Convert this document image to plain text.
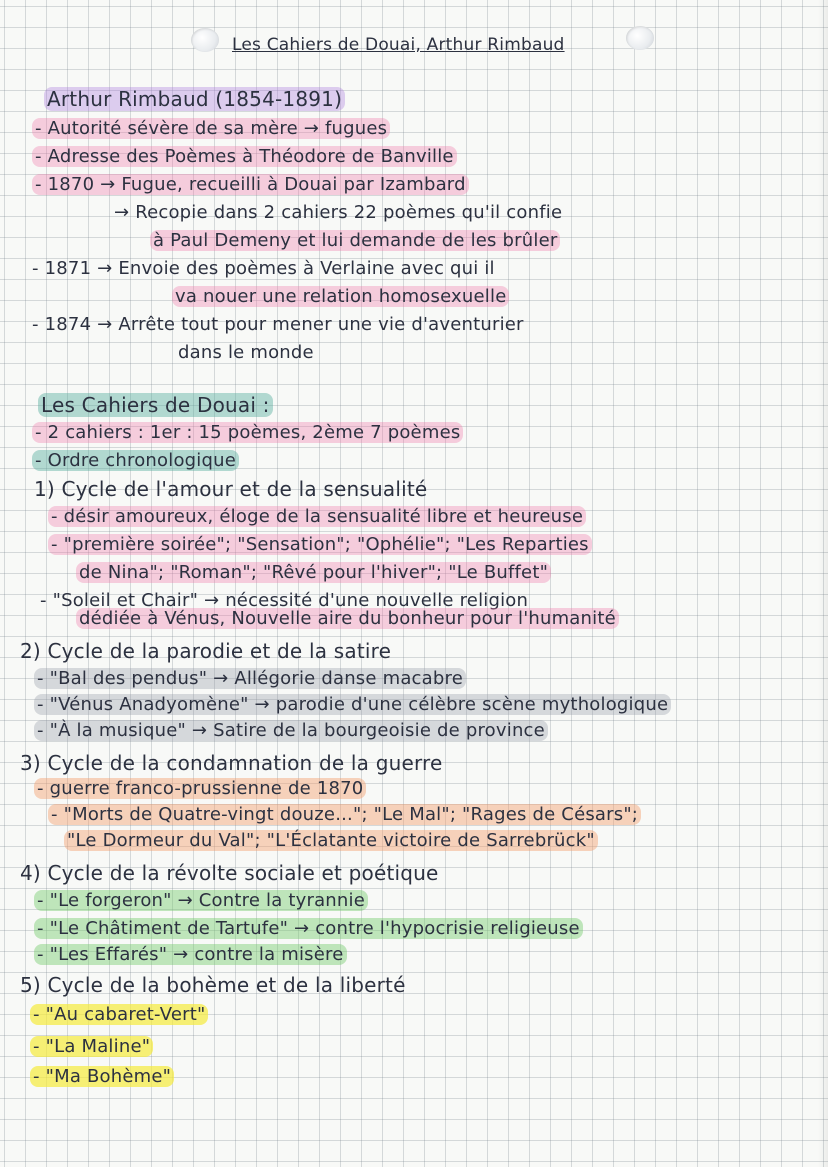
Les Cahiers de Douai, Arthur Rimbaud
Arthur Rimbaud (1854-1891)
- Autorité sévère de sa mère → fugues
- Adresse des Poèmes à Théodore de Banville
- 1870 → Fugue, recueilli à Douai par Izambard
→ Recopie dans 2 cahiers 22 poèmes qu'il confie
à Paul Demeny et lui demande de les brûler
- 1871 → Envoie des poèmes à Verlaine avec qui il
va nouer une relation homosexuelle
- 1874 → Arrête tout pour mener une vie d'aventurier
dans le monde
Les Cahiers de Douai :
- 2 cahiers : 1er : 15 poèmes, 2ème 7 poèmes
- Ordre chronologique
1) Cycle de l'amour et de la sensualité
- désir amoureux, éloge de la sensualité libre et heureuse
- "première soirée"; "Sensation"; "Ophélie"; "Les Reparties
de Nina"; "Roman"; "Rêvé pour l'hiver"; "Le Buffet"
- "Soleil et Chair" → nécessité d'une nouvelle religion
dédiée à Vénus, Nouvelle aire du bonheur pour l'humanité
2) Cycle de la parodie et de la satire
- "Bal des pendus" → Allégorie danse macabre
- "Vénus Anadyomène" → parodie d'une célèbre scène mythologique
- "À la musique" → Satire de la bourgeoisie de province
3) Cycle de la condamnation de la guerre
- guerre franco-prussienne de 1870
- "Morts de Quatre-vingt douze..."; "Le Mal"; "Rages de Césars";
"Le Dormeur du Val"; "L'Éclatante victoire de Sarrebrück"
4) Cycle de la révolte sociale et poétique
- "Le forgeron" → Contre la tyrannie
- "Le Châtiment de Tartufe" → contre l'hypocrisie religieuse
- "Les Effarés" → contre la misère
5) Cycle de la bohème et de la liberté
- "Au cabaret-Vert"
- "La Maline"
- "Ma Bohème"
